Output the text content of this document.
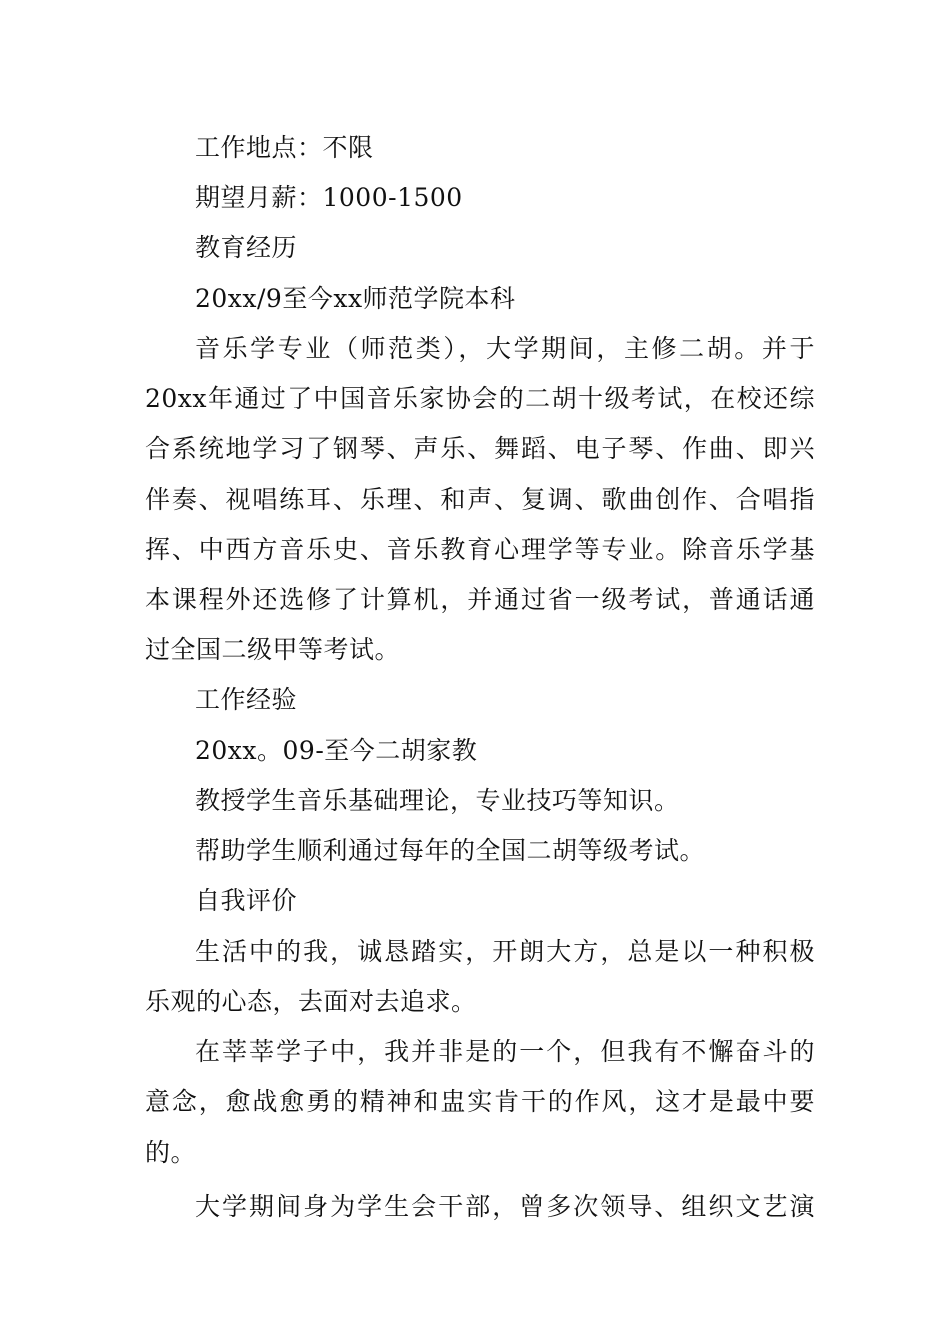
工作地点：不限
期望月薪：1000-1500
教育经历
20xx/9至今xx师范学院本科
音乐学专业（师范类），大学期间，主修二胡。并于
20xx年通过了中国音乐家协会的二胡十级考试，在校还综
合系统地学习了钢琴、声乐、舞蹈、电子琴、作曲、即兴
伴奏、视唱练耳、乐理、和声、复调、歌曲创作、合唱指
挥、中西方音乐史、音乐教育心理学等专业。除音乐学基
本课程外还选修了计算机，并通过省一级考试，普通话通
过全国二级甲等考试。
工作经验
20xx。09-至今二胡家教
教授学生音乐基础理论，专业技巧等知识。
帮助学生顺利通过每年的全国二胡等级考试。
自我评价
生活中的我，诚恳踏实，开朗大方，总是以一种积极
乐观的心态，去面对去追求。
在莘莘学子中，我并非是的一个，但我有不懈奋斗的
意念，愈战愈勇的精神和盅实肯干的作风，这才是最中要
的。
大学期间身为学生会干部，曾多次领导、组织文艺演
